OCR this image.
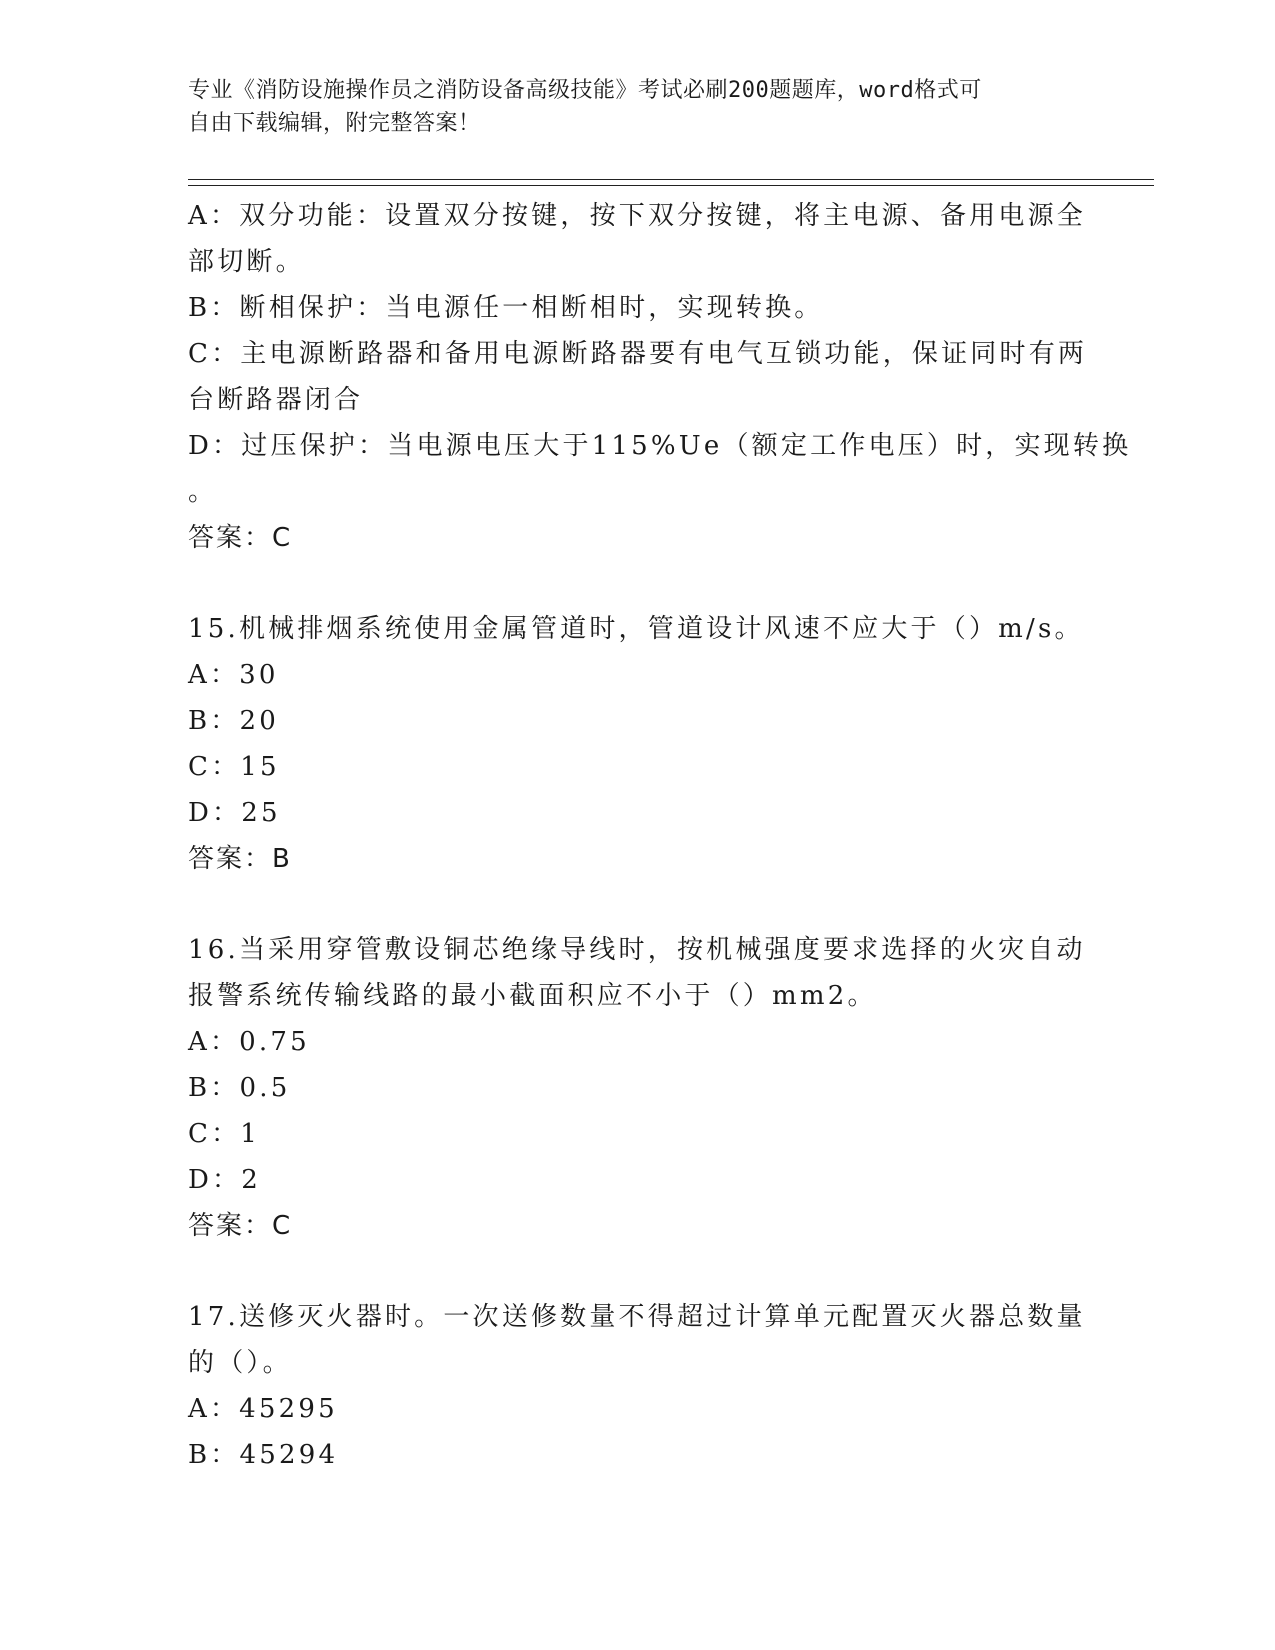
专业《消防设施操作员之消防设备高级技能》考试必刷200题题库，word格式可
自由下载编辑，附完整答案！
A：双分功能：设置双分按键，按下双分按键，将主电源、备用电源全
部切断。
B：断相保护：当电源任一相断相时，实现转换。
C：主电源断路器和备用电源断路器要有电气互锁功能，保证同时有两
台断路器闭合
D：过压保护：当电源电压大于115%Ue（额定工作电压）时，实现转换
。
答案：C
15.机械排烟系统使用金属管道时，管道设计风速不应大于（）m/s。
A：30
B：20
C：15
D：25
答案：B
16.当采用穿管敷设铜芯绝缘导线时，按机械强度要求选择的火灾自动
报警系统传输线路的最小截面积应不小于（）mm2。
A：0.75
B：0.5
C：1
D：2
答案：C
17.送修灭火器时。一次送修数量不得超过计算单元配置灭火器总数量
的（）。
A：45295
B：45294
